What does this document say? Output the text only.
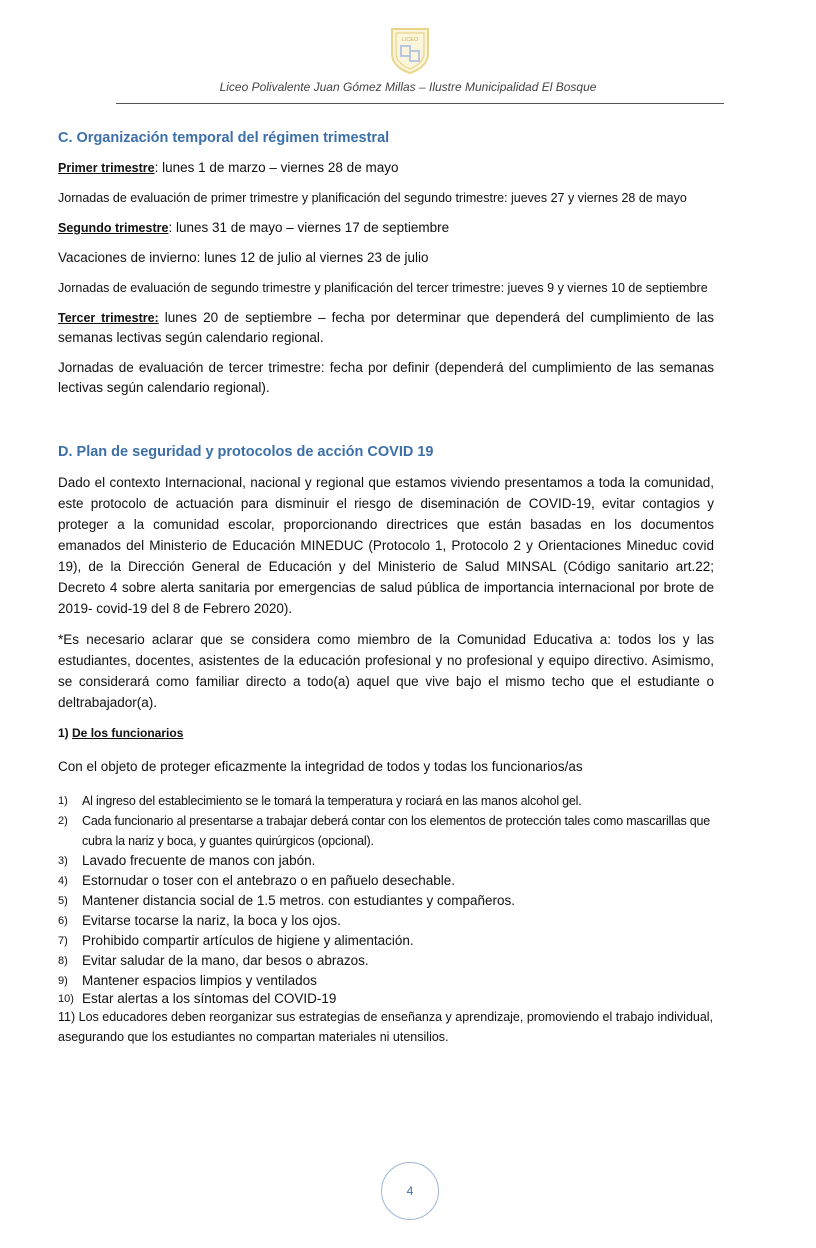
LICEO
Liceo Polivalente Juan Gómez Millas – Ilustre Municipalidad El Bosque
C. Organización temporal del régimen trimestral

Primer trimestre: lunes 1 de marzo – viernes 28 de mayo

Jornadas de evaluación de primer trimestre y planificación del segundo trimestre: jueves 27 y viernes 28 de mayo

Segundo trimestre: lunes 31 de mayo – viernes 17 de septiembre

Vacaciones de invierno: lunes 12 de julio al viernes 23 de julio

Jornadas de evaluación de segundo trimestre y planificación del tercer trimestre: jueves 9 y viernes 10 de septiembre

Tercer trimestre: lunes 20 de septiembre – fecha por determinar que dependerá del cumplimiento de las semanas lectivas según calendario regional.

Jornadas de evaluación de tercer trimestre: fecha por definir (dependerá del cumplimiento de las semanas lectivas según calendario regional).

D. Plan de seguridad y protocolos de acción COVID 19

Dado el contexto Internacional, nacional y regional que estamos viviendo presentamos a toda la comunidad, este protocolo de actuación para disminuir el riesgo de diseminación de COVID-19, evitar contagios y proteger a la comunidad escolar, proporcionando directrices que están basadas en los documentos emanados del Ministerio de Educación MINEDUC (Protocolo 1, Protocolo 2 y Orientaciones Mineduc covid 19), de la Dirección General de Educación y del Ministerio de Salud MINSAL (Código sanitario art.22; Decreto 4 sobre alerta sanitaria por emergencias de salud pública de importancia internacional por brote de 2019- covid-19 del 8 de Febrero 2020).

*Es necesario aclarar que se considera como miembro de la Comunidad Educativa a: todos los y las estudiantes, docentes, asistentes de la educación profesional y no profesional y equipo directivo. Asimismo, se considerará como familiar directo a todo(a) aquel que vive bajo el mismo techo que el estudiante o deltrabajador(a).

1) De los funcionarios

Con el objeto de proteger eficazmente la integridad de todos y todas los funcionarios/as

1)	Al ingreso del establecimiento se le tomará la temperatura y rociará en las manos alcohol gel.
2)	Cada funcionario al presentarse a trabajar deberá contar con los elementos de protección tales como mascarillas que cubra la nariz y boca, y guantes quirúrgicos (opcional).
3)	Lavado frecuente de manos con jabón.
4)	Estornudar o toser con el antebrazo o en pañuelo desechable.
5)	Mantener distancia social de 1.5 metros. con estudiantes y compañeros.
6)	Evitarse tocarse la nariz, la boca y los ojos.
7)	Prohibido compartir artículos de higiene y alimentación.
8)	Evitar saludar de la mano, dar besos o abrazos.
9)	Mantener espacios limpios y ventilados
10) Estar alertas a los síntomas del COVID-19

11) Los educadores deben reorganizar sus estrategias de enseñanza y aprendizaje, promoviendo el trabajo individual, asegurando que los estudiantes no compartan materiales ni utensilios.

4
